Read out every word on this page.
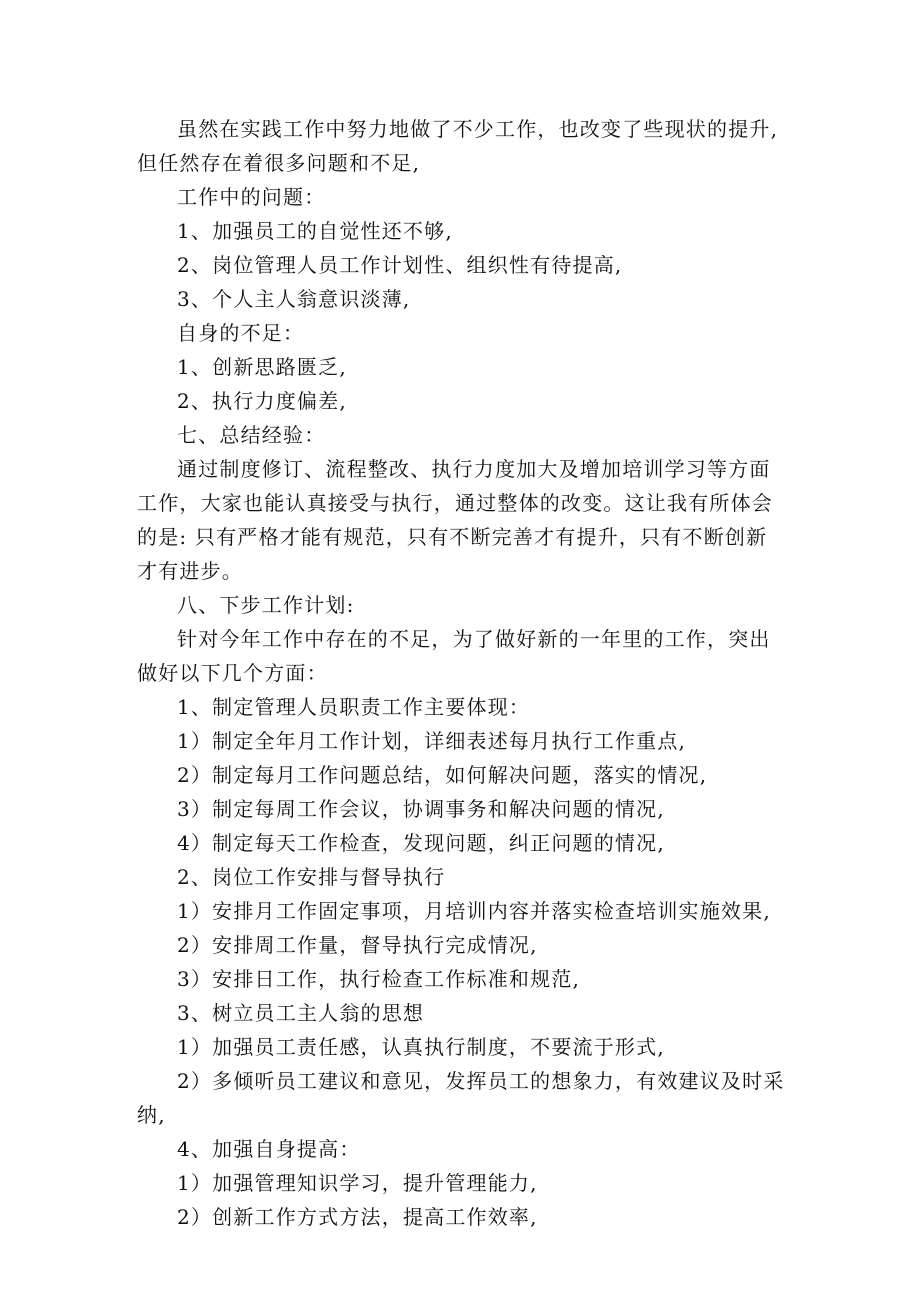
虽然在实践工作中努力地做了不少工作，也改变了些现状的提升,但任然存在着很多问题和不足,

工作中的问题：

1、加强员工的自觉性还不够,

2、岗位管理人员工作计划性、组织性有待提高,

3、个人主人翁意识淡薄,

自身的不足：

1、创新思路匮乏,

2、执行力度偏差,

七、总结经验：

通过制度修订、流程整改、执行力度加大及增加培训学习等方面工作，大家也能认真接受与执行，通过整体的改变。这让我有所体会的是: 只有严格才能有规范，只有不断完善才有提升，只有不断创新才有进步。

八、下步工作计划:

针对今年工作中存在的不足，为了做好新的一年里的工作，突出做好以下几个方面：

1、制定管理人员职责工作主要体现：

1）制定全年月工作计划，详细表述每月执行工作重点,

2）制定每月工作问题总结，如何解决问题，落实的情况,

3）制定每周工作会议，协调事务和解决问题的情况,

4）制定每天工作检查，发现问题，纠正问题的情况,

2、岗位工作安排与督导执行

1）安排月工作固定事项，月培训内容并落实检查培训实施效果,

2）安排周工作量，督导执行完成情况,

3）安排日工作，执行检查工作标准和规范,

3、树立员工主人翁的思想

1）加强员工责任感，认真执行制度，不要流于形式,

2）多倾听员工建议和意见，发挥员工的想象力，有效建议及时采纳,

4、加强自身提高：

1）加强管理知识学习，提升管理能力,

2）创新工作方式方法，提高工作效率,
